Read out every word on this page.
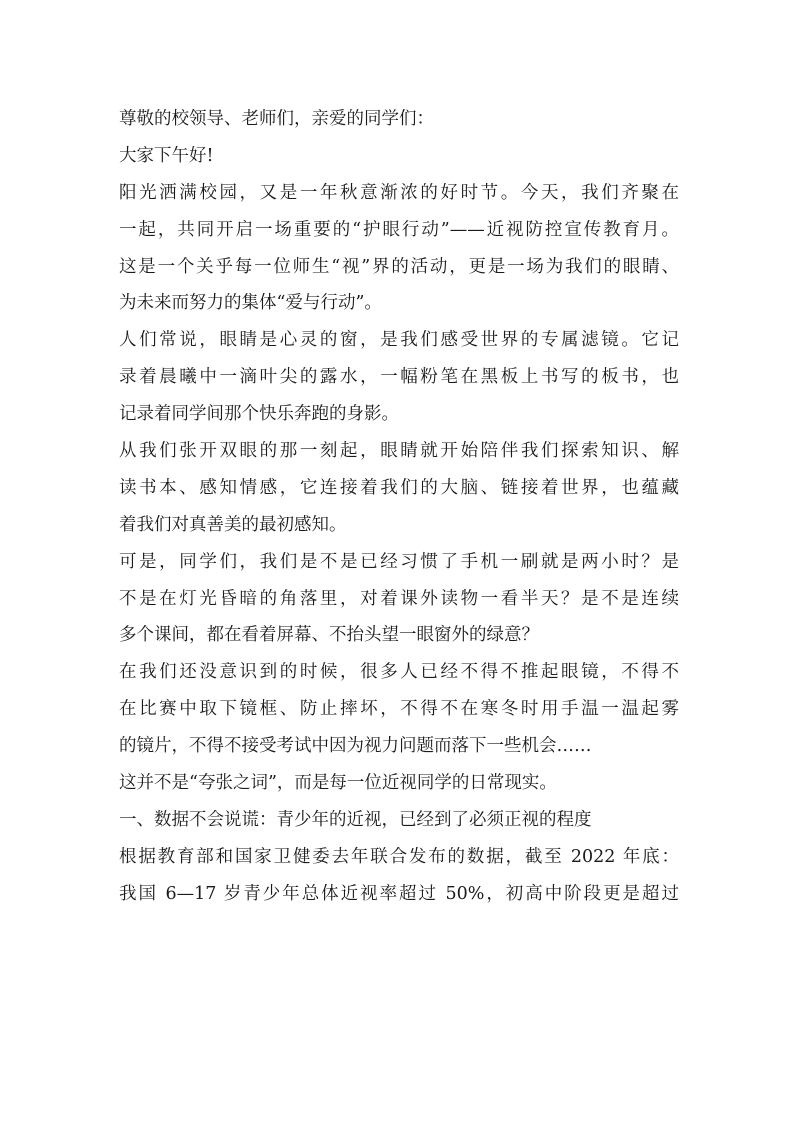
尊敬的校领导、老师们，亲爱的同学们：
大家下午好!
阳光洒满校园，又是一年秋意渐浓的好时节。今天，我们齐聚在
一起，共同开启一场重要的“护眼行动”——近视防控宣传教育月。
这是一个关乎每一位师生“视”界的活动，更是一场为我们的眼睛、
为未来而努力的集体“爱与行动”。
人们常说，眼睛是心灵的窗，是我们感受世界的专属滤镜。它记
录着晨曦中一滴叶尖的露水，一幅粉笔在黑板上书写的板书，也
记录着同学间那个快乐奔跑的身影。
从我们张开双眼的那一刻起，眼睛就开始陪伴我们探索知识、解
读书本、感知情感，它连接着我们的大脑、链接着世界，也蕴藏
着我们对真善美的最初感知。
可是，同学们，我们是不是已经习惯了手机一刷就是两小时？是
不是在灯光昏暗的角落里，对着课外读物一看半天？是不是连续
多个课间，都在看着屏幕、不抬头望一眼窗外的绿意？
在我们还没意识到的时候，很多人已经不得不推起眼镜，不得不
在比赛中取下镜框、防止摔坏，不得不在寒冬时用手温一温起雾
的镜片，不得不接受考试中因为视力问题而落下一些机会……
这并不是“夸张之词”，而是每一位近视同学的日常现实。
一、数据不会说谎：青少年的近视，已经到了必须正视的程度
根据教育部和国家卫健委去年联合发布的数据，截至 2022 年底：
我国 6—17 岁青少年总体近视率超过 50%，初高中阶段更是超过
